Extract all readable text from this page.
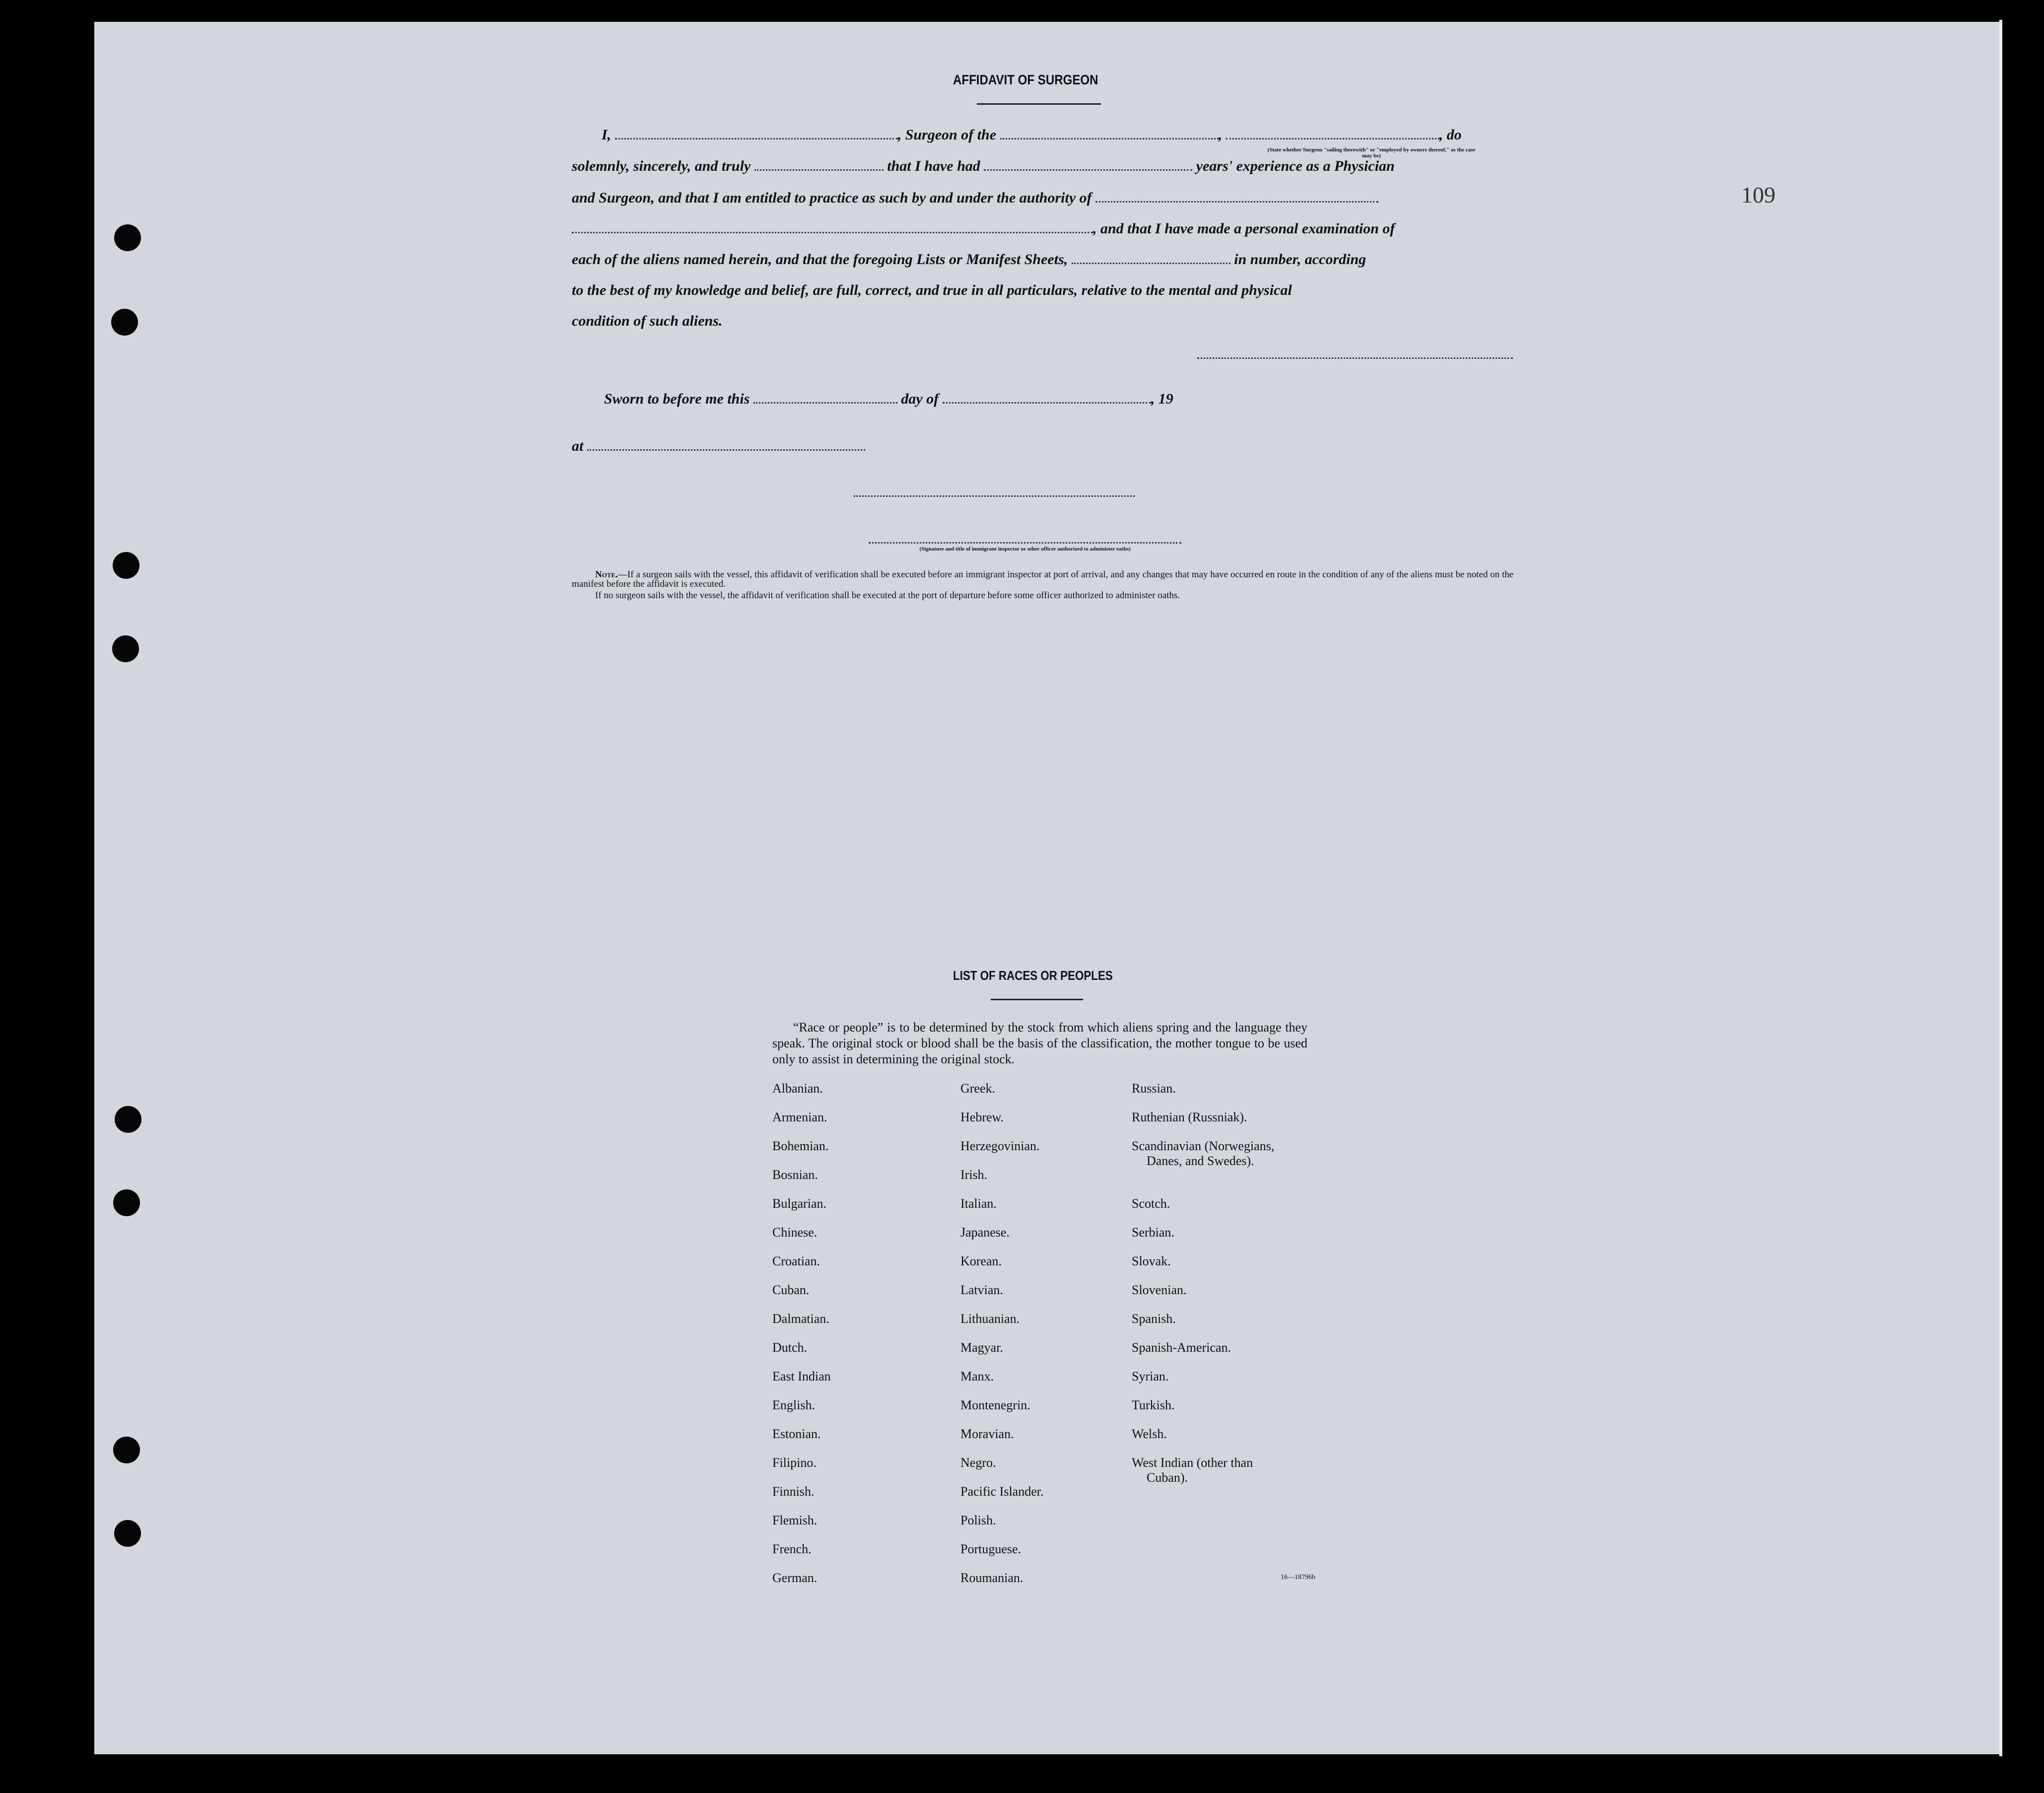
109
AFFIDAVIT OF SURGEON
I,	, Surgeon of the	,	, do
(State whether Surgeon "sailing therewith" or "employed by owners thereof," as the case may be)
solemnly, sincerely, and truly	that I have had	years' experience as a Physician
and Surgeon, and that I am entitled to practice as such by and under the authority of
, and that I have made a personal examination of
each of the aliens named herein, and that the foregoing Lists or Manifest Sheets,	in number, according
to the best of my knowledge and belief, are full, correct, and true in all particulars, relative to the mental and physical
condition of such aliens.
Sworn to before me this	day of	, 19
at
(Signature and title of immigrant inspector or other officer authorized to administer oaths)
Note.—If a surgeon sails with the vessel, this affidavit of verification shall be executed before an immigrant inspector at port of arrival, and any changes that may have occurred en route in the condition of any of the aliens must be noted on the manifest before the affidavit is executed.
If no surgeon sails with the vessel, the affidavit of verification shall be executed at the port of departure before some officer authorized to administer oaths.
LIST OF RACES OR PEOPLES
“Race or people” is to be determined by the stock from which aliens spring and the language they speak. The original stock or blood shall be the basis of the classification, the mother tongue to be used only to assist in determining the original stock.
Albanian.
Armenian.
Bohemian.
Bosnian.
Bulgarian.
Chinese.
Croatian.
Cuban.
Dalmatian.
Dutch.
East Indian
English.
Estonian.
Filipino.
Finnish.
Flemish.
French.
German.
Greek.
Hebrew.
Herzegovinian.
Irish.
Italian.
Japanese.
Korean.
Latvian.
Lithuanian.
Magyar.
Manx.
Montenegrin.
Moravian.
Negro.
Pacific Islander.
Polish.
Portuguese.
Roumanian.
Russian.
Ruthenian (Russniak).
Scandinavian (Norwegians,
Danes, and Swedes).
Scotch.
Serbian.
Slovak.
Slovenian.
Spanish.
Spanish-American.
Syrian.
Turkish.
Welsh.
West Indian (other than
Cuban).
16—18796b
